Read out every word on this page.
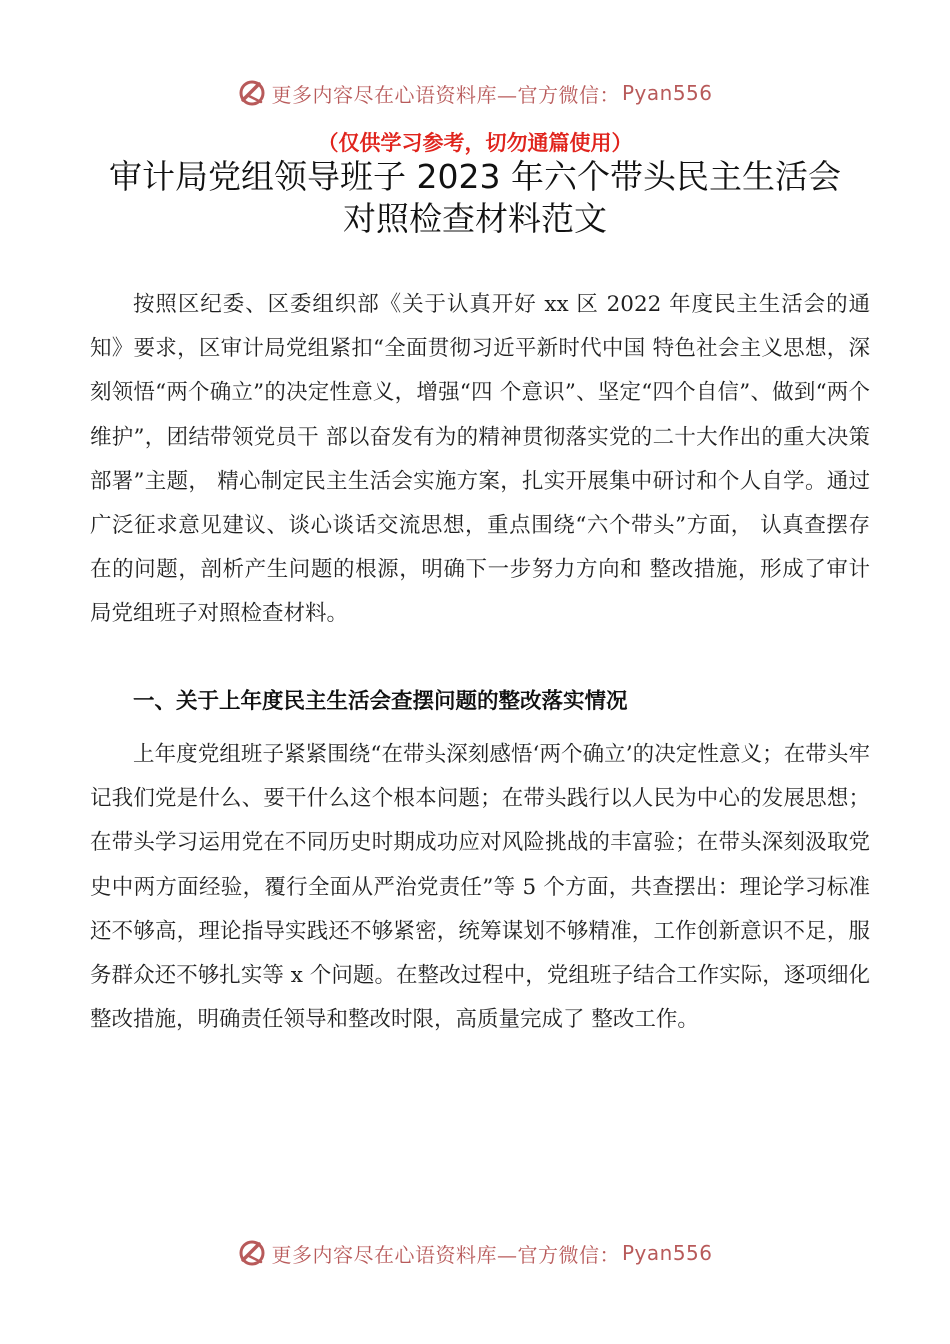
更多内容尽在心语资料库—官方微信： Pyan556
（仅供学习参考，切勿通篇使用）
审计局党组领导班子 2023 年六个带头民主生活会
对照检查材料范文

按照区纪委、区委组织部《关于认真开好 xx 区 2022 年度民主生活会的通知》要求，区审计局党组紧扣“全面贯彻习近平新时代中国 特色社会主义思想，深刻领悟“两个确立”的决定性意义，增强“四 个意识”、坚定“四个自信”、做到“两个维护”，团结带领党员干 部以奋发有为的精神贯彻落实党的二十大作出的重大决策部署”主题， 精心制定民主生活会实施方案，扎实开展集中研讨和个人自学。通过 广泛征求意见建议、谈心谈话交流思想，重点围绕“六个带头”方面， 认真查摆存在的问题，剖析产生问题的根源，明确下一步努力方向和 整改措施，形成了审计局党组班子对照检查材料。

一、关于上年度民主生活会查摆问题的整改落实情况

上年度党组班子紧紧围绕“在带头深刻感悟‘两个确立’的决定性意义；在带头牢记我们党是什么、要干什么这个根本问题；在带头践行以人民为中心的发展思想；在带头学习运用党在不同历史时期成功应对风险挑战的丰富验；在带头深刻汲取党史中两方面经验，覆行全面从严治党责任”等 5 个方面，共查摆出：理论学习标准还不够高，理论指导实践还不够紧密，统筹谋划不够精准，工作创新意识不足，服务群众还不够扎实等 x 个问题。在整改过程中，党组班子结合工作实际，逐项细化整改措施，明确责任领导和整改时限，高质量完成了 整改工作。

更多内容尽在心语资料库—官方微信： Pyan556
